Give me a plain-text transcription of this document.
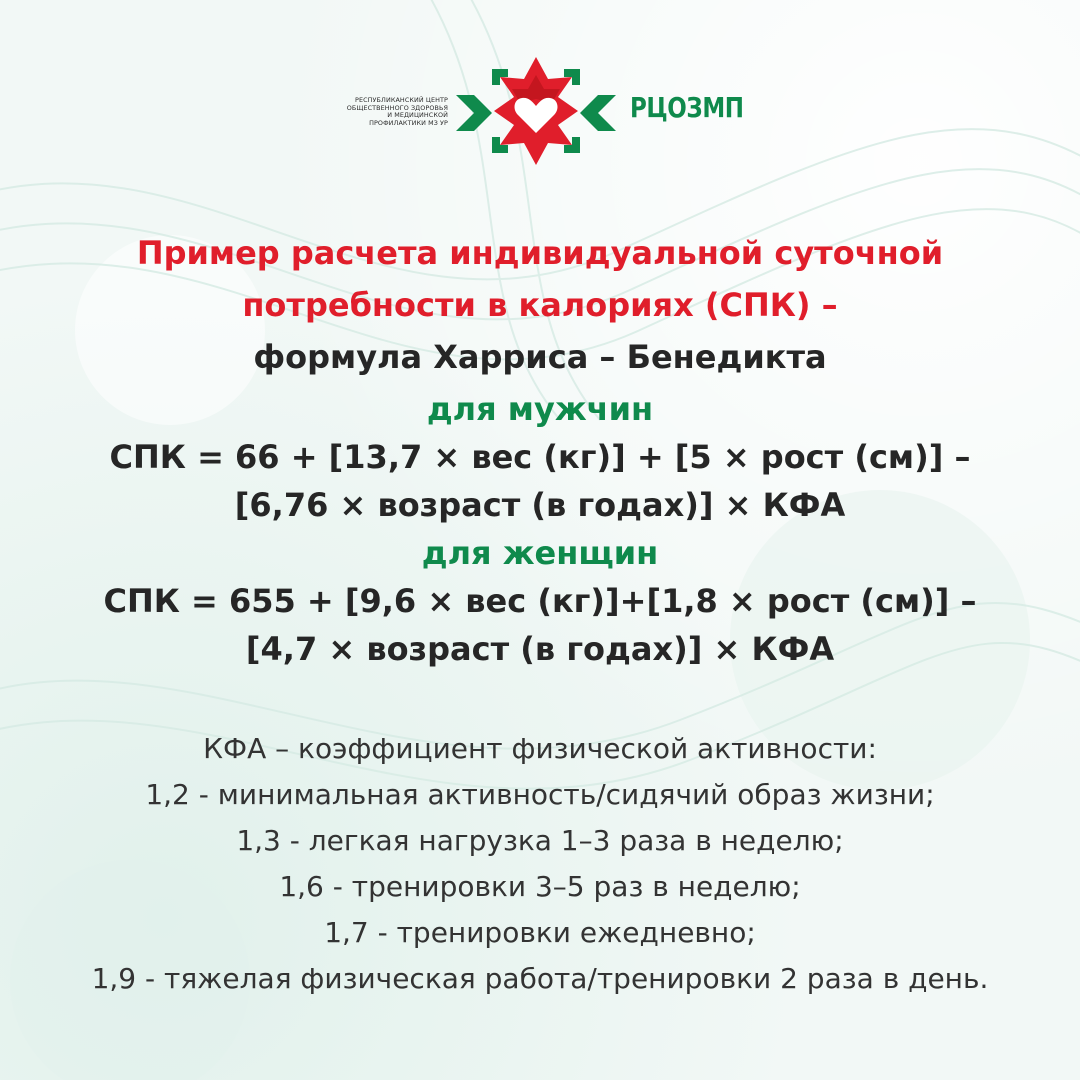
РЕСПУБЛИКАНСКИЙ ЦЕНТР
ОБЩЕСТВЕННОГО ЗДОРОВЬЯ
И МЕДИЦИНСКОЙ
ПРОФИЛАКТИКИ МЗ УР	РЦОЗМП
Пример расчета индивидуальной суточной
потребности в калориях (СПК) –
формула Харриса – Бенедикта
для мужчин
СПК = 66 + [13,7 × вес (кг)] + [5 × рост (см)] –
[6,76 × возраст (в годах)] × КФА
для женщин
СПК = 655 + [9,6 × вес (кг)]+[1,8 × рост (см)] –
[4,7 × возраст (в годах)] × КФА
КФА – коэффициент физической активности:
1,2 - минимальная активность/сидячий образ жизни;
1,3 - легкая нагрузка 1–3 раза в неделю;
1,6 - тренировки 3–5 раз в неделю;
1,7 - тренировки ежедневно;
1,9 - тяжелая физическая работа/тренировки 2 раза в день.
